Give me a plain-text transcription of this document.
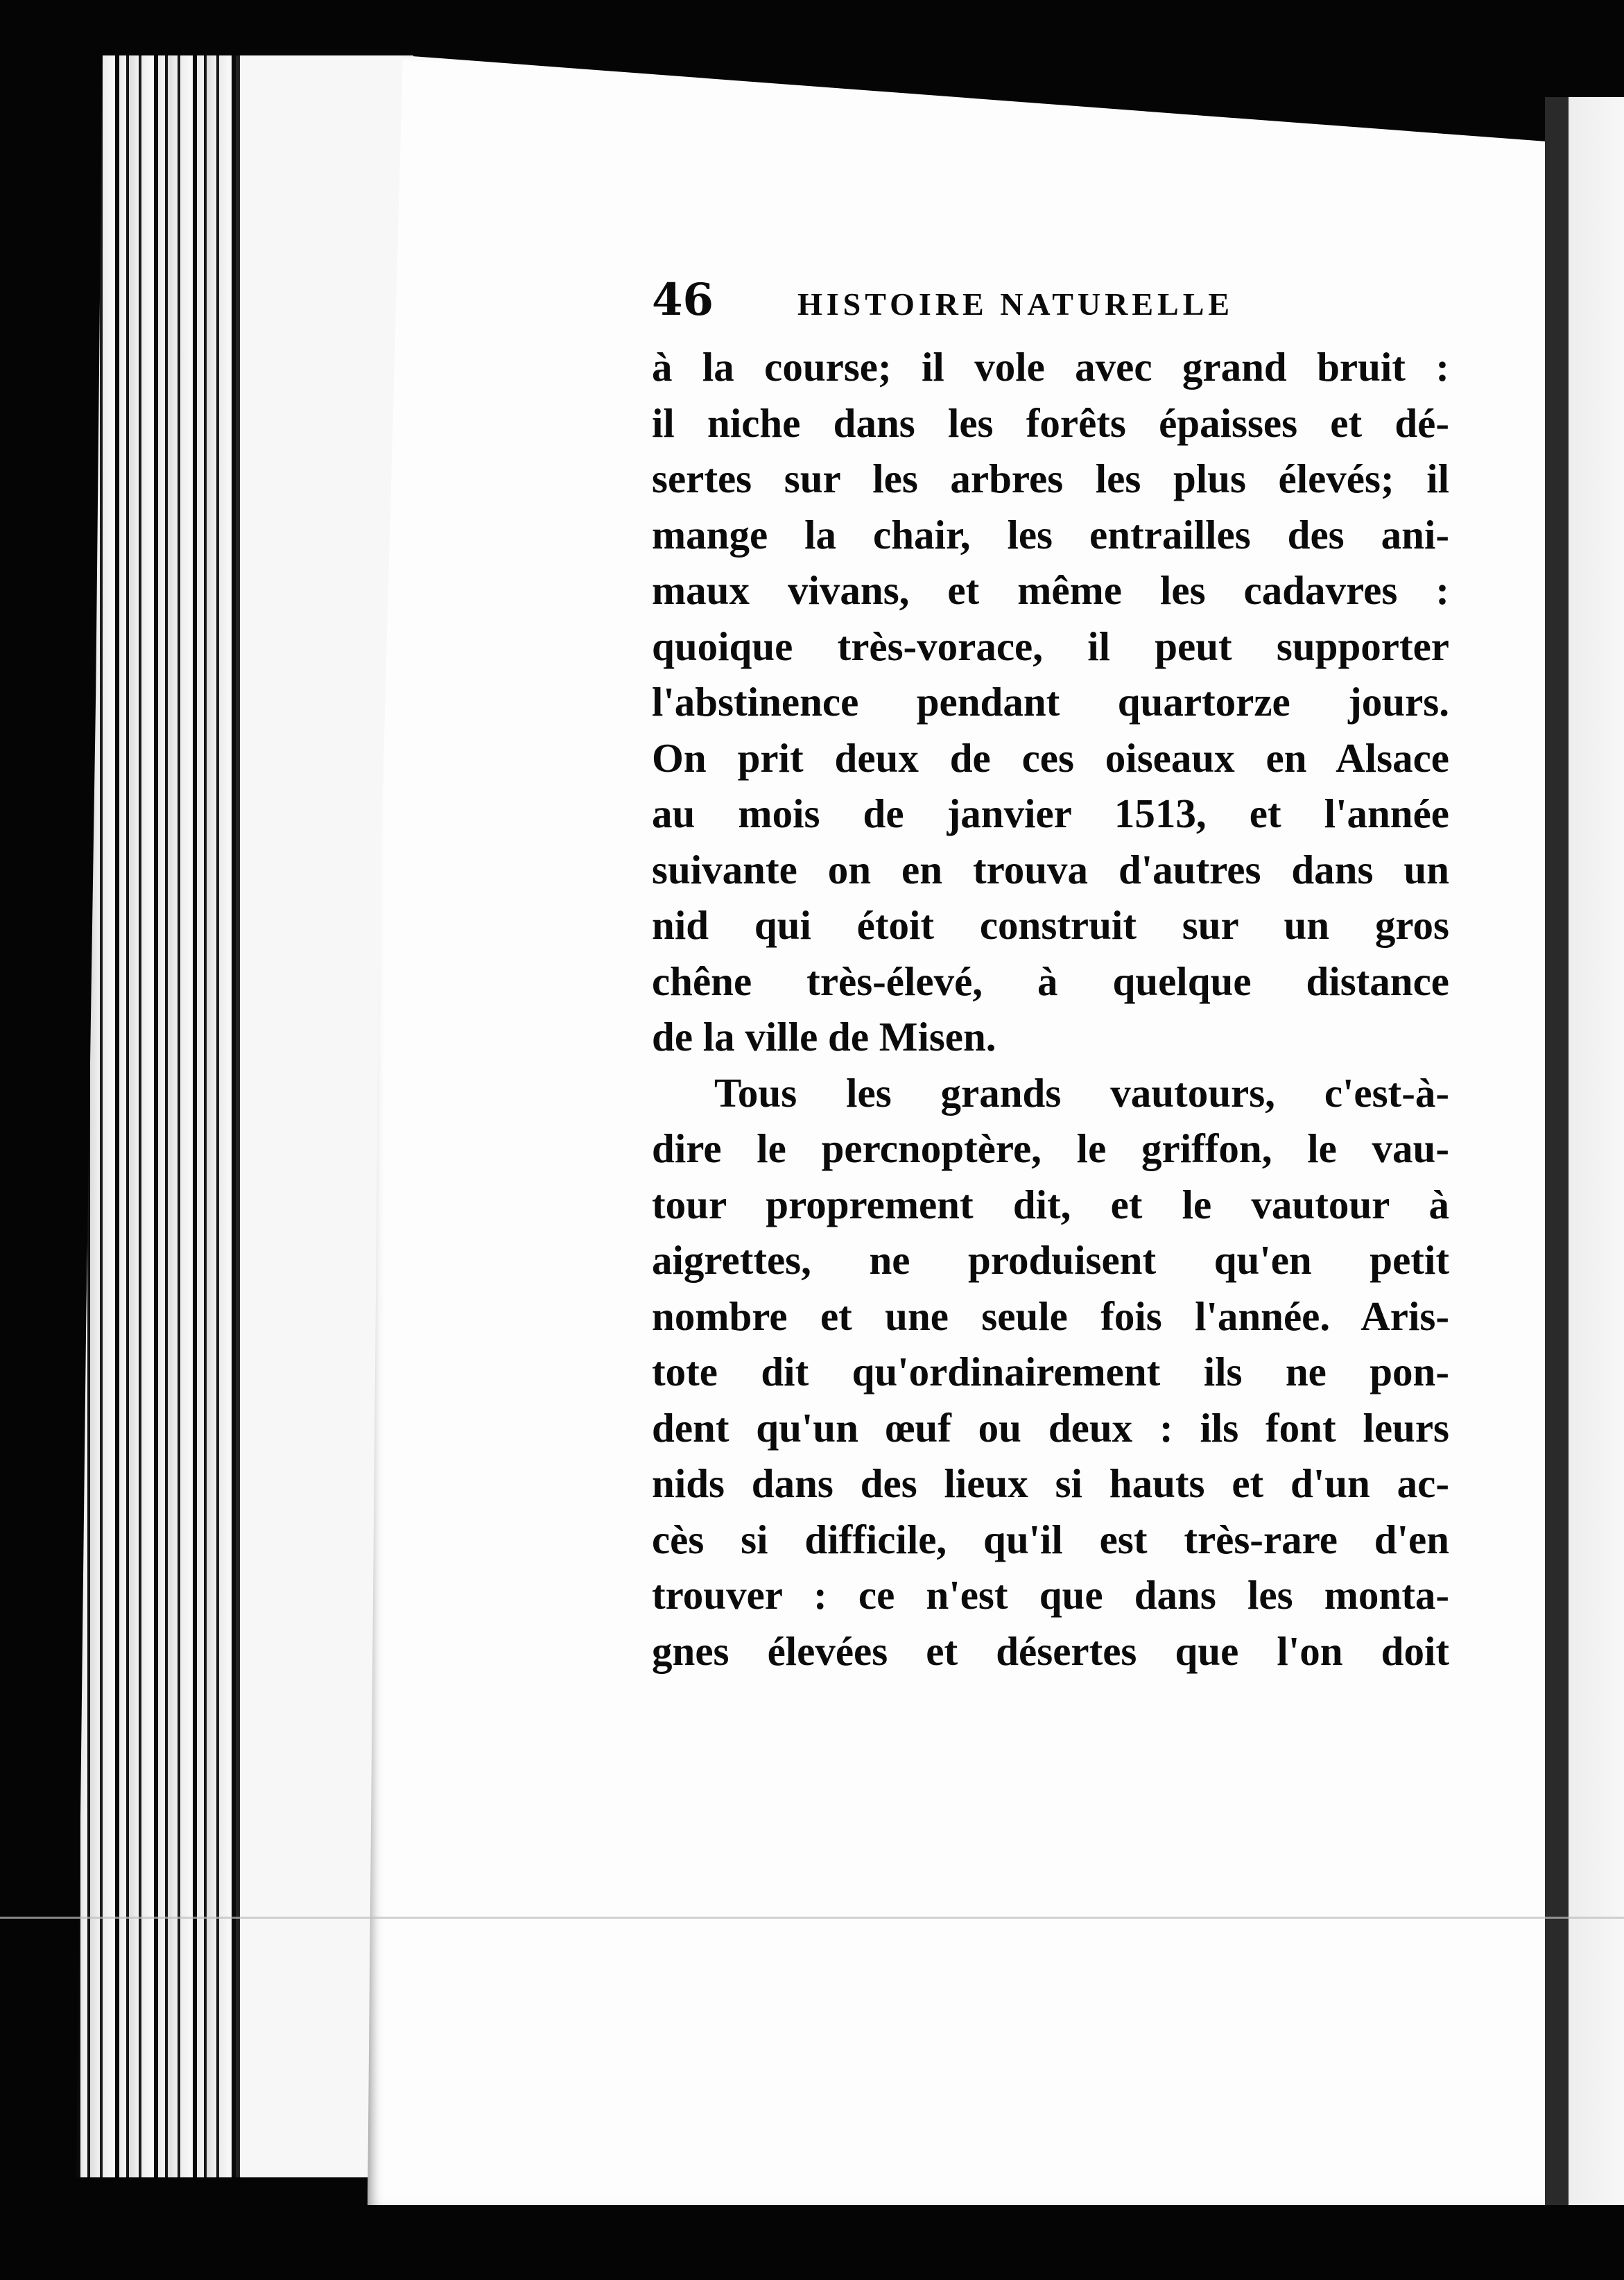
46	HISTOIRE NATURELLE
à la course; il vole avec grand bruit :
il niche dans les forêts épaisses et dé-
sertes sur les arbres les plus élevés; il
mange la chair, les entrailles des ani-
maux vivans, et même les cadavres :
quoique très-vorace, il peut supporter
l'abstinence pendant quartorze jours.
On prit deux de ces oiseaux en Alsace
au mois de janvier 1513, et l'année
suivante on en trouva d'autres dans un
nid qui étoit construit sur un gros
chêne très-élevé, à quelque distance
de la ville de Misen.
Tous les grands vautours, c'est-à-
dire le percnoptère, le griffon, le vau-
tour proprement dit, et le vautour à
aigrettes, ne produisent qu'en petit
nombre et une seule fois l'année. Aris-
tote dit qu'ordinairement ils ne pon-
dent qu'un œuf ou deux : ils font leurs
nids dans des lieux si hauts et d'un ac-
cès si difficile, qu'il est très-rare d'en
trouver : ce n'est que dans les monta-
gnes élevées et désertes que l'on doit
